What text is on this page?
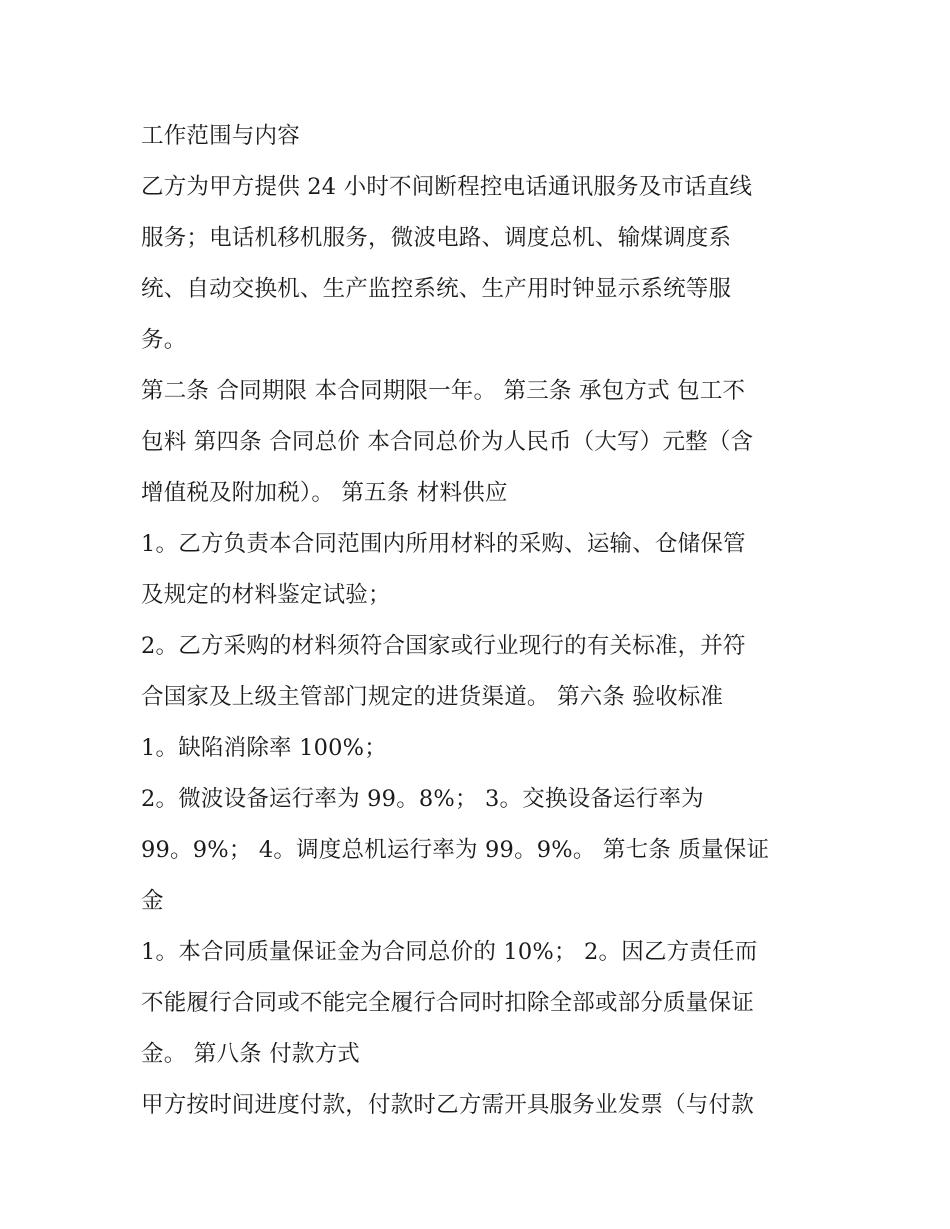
工作范围与内容
乙方为甲方提供 24 小时不间断程控电话通讯服务及市话直线
服务；电话机移机服务，微波电路、调度总机、输煤调度系
统、自动交换机、生产监控系统、生产用时钟显示系统等服
务。
第二条 合同期限 本合同期限一年。 第三条 承包方式 包工不
包料 第四条 合同总价 本合同总价为人民币（大写）元整（含
增值税及附加税）。 第五条 材料供应
1。乙方负责本合同范围内所用材料的采购、运输、仓储保管
及规定的材料鉴定试验；
2。乙方采购的材料须符合国家或行业现行的有关标准，并符
合国家及上级主管部门规定的进货渠道。 第六条 验收标准
1。缺陷消除率 100%；
2。微波设备运行率为 99。8%； 3。交换设备运行率为
99。9%； 4。调度总机运行率为 99。9%。 第七条 质量保证
金
1。本合同质量保证金为合同总价的 10%； 2。因乙方责任而
不能履行合同或不能完全履行合同时扣除全部或部分质量保证
金。 第八条 付款方式
甲方按时间进度付款，付款时乙方需开具服务业发票（与付款
